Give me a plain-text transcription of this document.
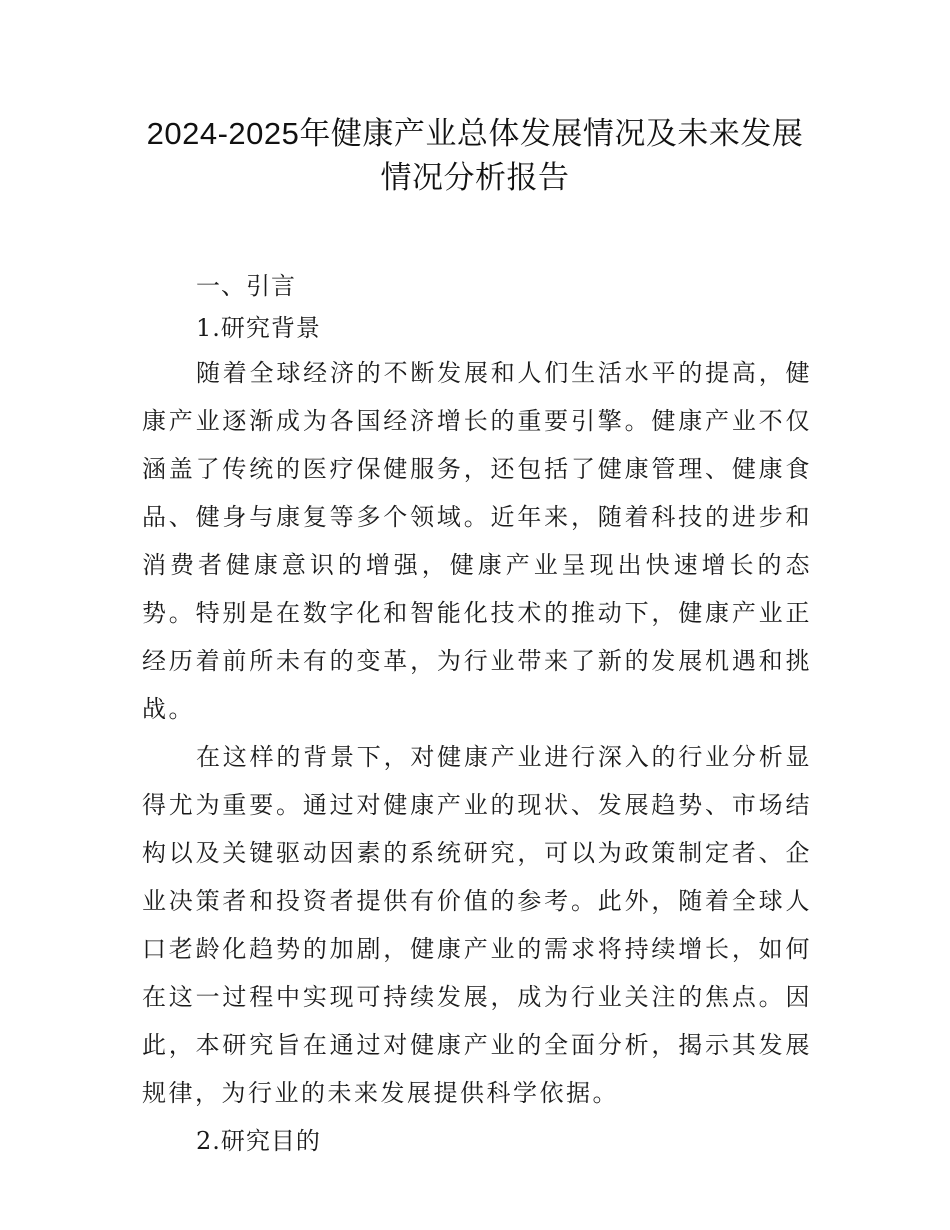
2024-2025年健康产业总体发展情况及未来发展
情况分析报告

一、引言

1.研究背景

随着全球经济的不断发展和人们生活水平的提高，健康产业逐渐成为各国经济增长的重要引擎。健康产业不仅涵盖了传统的医疗保健服务，还包括了健康管理、健康食品、健身与康复等多个领域。近年来，随着科技的进步和消费者健康意识的增强，健康产业呈现出快速增长的态势。特别是在数字化和智能化技术的推动下，健康产业正经历着前所未有的变革，为行业带来了新的发展机遇和挑战。

在这样的背景下，对健康产业进行深入的行业分析显得尤为重要。通过对健康产业的现状、发展趋势、市场结构以及关键驱动因素的系统研究，可以为政策制定者、企业决策者和投资者提供有价值的参考。此外，随着全球人口老龄化趋势的加剧，健康产业的需求将持续增长，如何在这一过程中实现可持续发展，成为行业关注的焦点。因此，本研究旨在通过对健康产业的全面分析，揭示其发展规律，为行业的未来发展提供科学依据。

2.研究目的
